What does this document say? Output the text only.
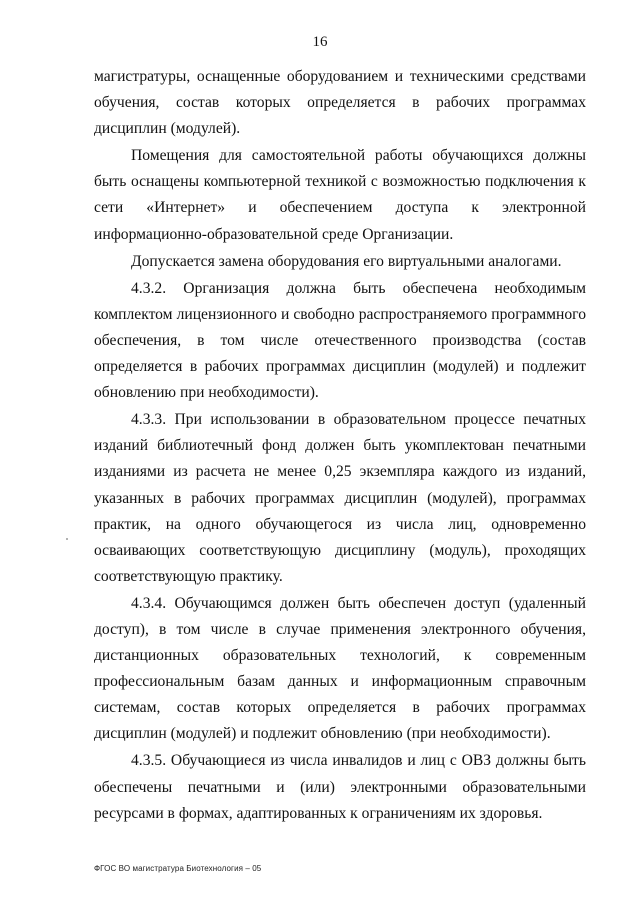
16

магистратуры, оснащенные оборудованием и техническими средствами обучения, состав которых определяется в рабочих программах дисциплин (модулей).

Помещения для самостоятельной работы обучающихся должны быть оснащены компьютерной техникой с возможностью подключения к сети «Интернет» и обеспечением доступа к электронной информационно-образовательной среде Организации.

Допускается замена оборудования его виртуальными аналогами.

4.3.2. Организация должна быть обеспечена необходимым комплектом лицензионного и свободно распространяемого программного обеспечения, в том числе отечественного производства (состав определяется в рабочих программах дисциплин (модулей) и подлежит обновлению при необходимости).

4.3.3. При использовании в образовательном процессе печатных изданий библиотечный фонд должен быть укомплектован печатными изданиями из расчета не менее 0,25 экземпляра каждого из изданий, указанных в рабочих программах дисциплин (модулей), программах практик, на одного обучающегося из числа лиц, одновременно осваивающих соответствующую дисциплину (модуль), проходящих соответствующую практику.

4.3.4. Обучающимся должен быть обеспечен доступ (удаленный доступ), в том числе в случае применения электронного обучения, дистанционных образовательных технологий, к современным профессиональным базам данных и информационным справочным системам, состав которых определяется в рабочих программах дисциплин (модулей) и подлежит обновлению (при необходимости).

4.3.5. Обучающиеся из числа инвалидов и лиц с ОВЗ должны быть обеспечены печатными и (или) электронными образовательными ресурсами в формах, адаптированных к ограничениям их здоровья.

ФГОС ВО магистратура Биотехнология – 05
